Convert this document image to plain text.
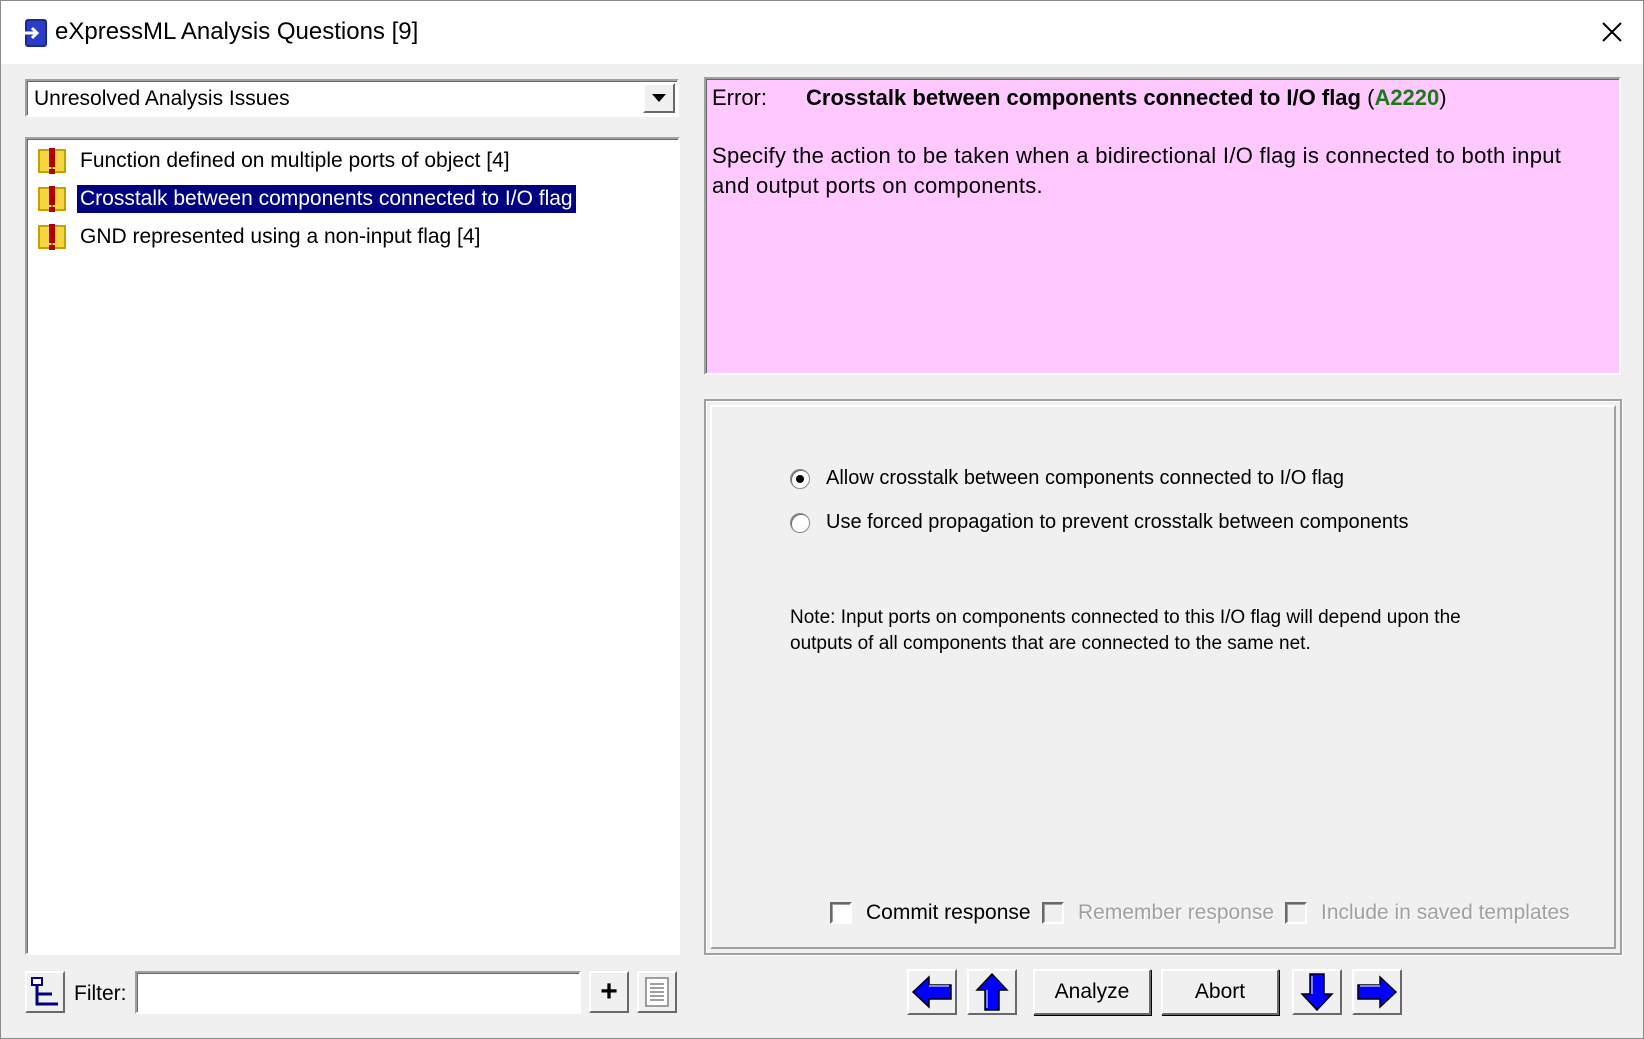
eXpressML Analysis Questions [9]
Unresolved Analysis Issues
Function defined on multiple ports of object [4]
Crosstalk between components connected to I/O flag
GND represented using a non-input flag [4]
Filter:	+
Error: Crosstalk between components connected to I/O flag (A2220)
Specify the action to be taken when a bidirectional I/O flag is connected to both input and output ports on components.
Allow crosstalk between components connected to I/O flag
Use forced propagation to prevent crosstalk between components
Note: Input ports on components connected to this I/O flag will depend upon the outputs of all components that are connected to the same net.
Commit response Remember response Include in saved templates
Analyze	Abort
